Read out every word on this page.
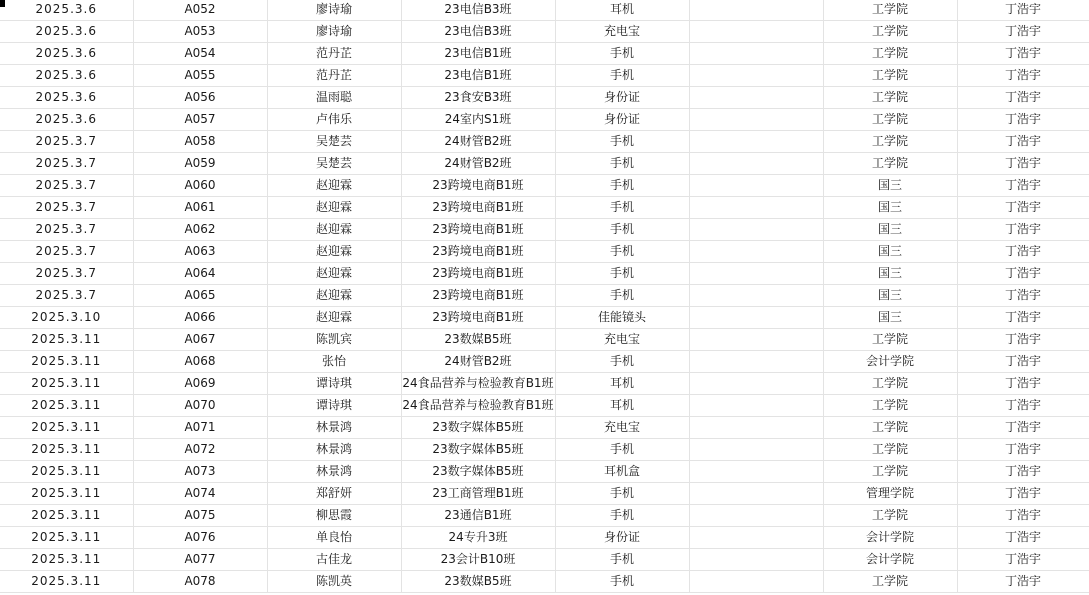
2025.3.6	A052	廖诗瑜	23电信B3班	耳机		工学院	丁浩宇
2025.3.6	A053	廖诗瑜	23电信B3班	充电宝		工学院	丁浩宇
2025.3.6	A054	范丹芷	23电信B1班	手机		工学院	丁浩宇
2025.3.6	A055	范丹芷	23电信B1班	手机		工学院	丁浩宇
2025.3.6	A056	温雨聪	23食安B3班	身份证		工学院	丁浩宇
2025.3.6	A057	卢伟乐	24室内S1班	身份证		工学院	丁浩宇
2025.3.7	A058	吴楚芸	24财管B2班	手机		工学院	丁浩宇
2025.3.7	A059	吴楚芸	24财管B2班	手机		工学院	丁浩宇
2025.3.7	A060	赵迎霖	23跨境电商B1班	手机		国三	丁浩宇
2025.3.7	A061	赵迎霖	23跨境电商B1班	手机		国三	丁浩宇
2025.3.7	A062	赵迎霖	23跨境电商B1班	手机		国三	丁浩宇
2025.3.7	A063	赵迎霖	23跨境电商B1班	手机		国三	丁浩宇
2025.3.7	A064	赵迎霖	23跨境电商B1班	手机		国三	丁浩宇
2025.3.7	A065	赵迎霖	23跨境电商B1班	手机		国三	丁浩宇
2025.3.10	A066	赵迎霖	23跨境电商B1班	佳能镜头		国三	丁浩宇
2025.3.11	A067	陈凯宾	23数媒B5班	充电宝		工学院	丁浩宇
2025.3.11	A068	张怡	24财管B2班	手机		会计学院	丁浩宇
2025.3.11	A069	谭诗琪	24食品营养与检验教育B1班	耳机		工学院	丁浩宇
2025.3.11	A070	谭诗琪	24食品营养与检验教育B1班	耳机		工学院	丁浩宇
2025.3.11	A071	林景鸿	23数字媒体B5班	充电宝		工学院	丁浩宇
2025.3.11	A072	林景鸿	23数字媒体B5班	手机		工学院	丁浩宇
2025.3.11	A073	林景鸿	23数字媒体B5班	耳机盒		工学院	丁浩宇
2025.3.11	A074	郑舒妍	23工商管理B1班	手机		管理学院	丁浩宇
2025.3.11	A075	柳思霞	23通信B1班	手机		工学院	丁浩宇
2025.3.11	A076	单良怡	24专升3班	身份证		会计学院	丁浩宇
2025.3.11	A077	古佳龙	23会计B10班	手机		会计学院	丁浩宇
2025.3.11	A078	陈凯英	23数媒B5班	手机		工学院	丁浩宇
